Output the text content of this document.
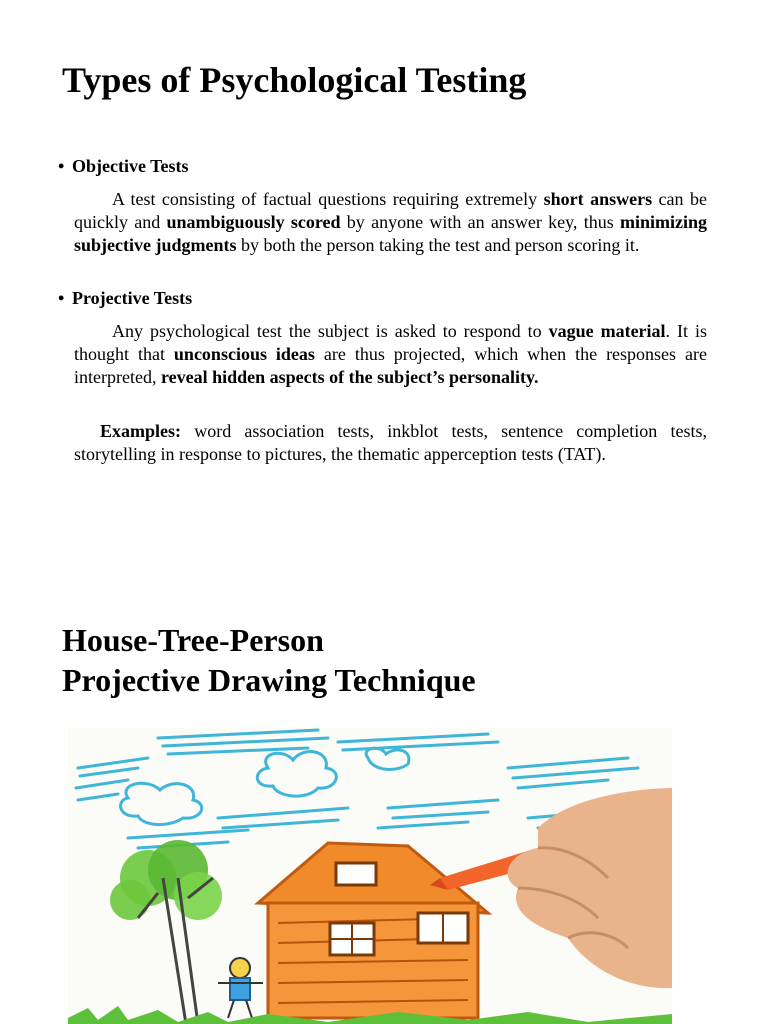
Types of Psychological Testing
• Objective Tests

A test consisting of factual questions requiring extremely short answers can be quickly and unambiguously scored by anyone with an answer key, thus minimizing subjective judgments by both the person taking the test and person scoring it.

• Projective Tests

Any psychological test the subject is asked to respond to vague material. It is thought that unconscious ideas are thus projected, which when the responses are interpreted, reveal hidden aspects of the subject’s personality.

Examples: word association tests, inkblot tests, sentence completion tests, storytelling in response to pictures, the thematic apperception tests (TAT).

House-Tree-Person
Projective Drawing Technique
